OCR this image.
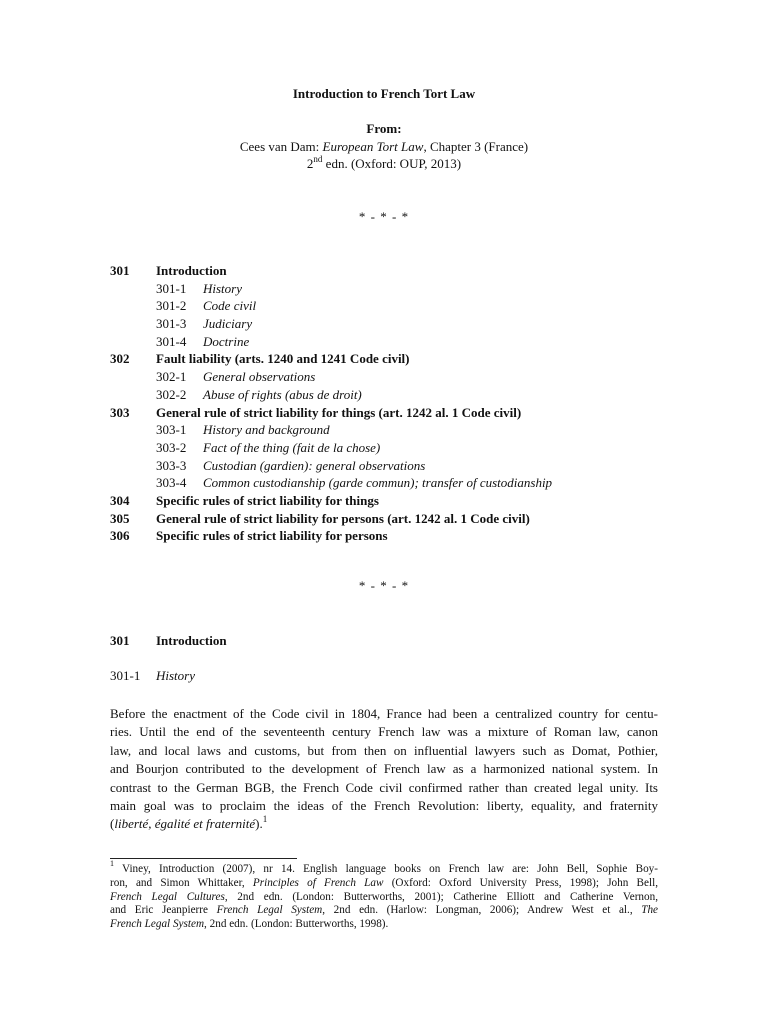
Introduction to French Tort Law
From:
Cees van Dam: European Tort Law, Chapter 3 (France)
2nd edn. (Oxford: OUP, 2013)
* - * - *
301 Introduction
301-1 History
301-2 Code civil
301-3 Judiciary
301-4 Doctrine
302 Fault liability (arts. 1240 and 1241 Code civil)
302-1 General observations
302-2 Abuse of rights (abus de droit)
303 General rule of strict liability for things (art. 1242 al. 1 Code civil)
303-1 History and background
303-2 Fact of the thing (fait de la chose)
303-3 Custodian (gardien): general observations
303-4 Common custodianship (garde commun); transfer of custodianship
304 Specific rules of strict liability for things
305 General rule of strict liability for persons (art. 1242 al. 1 Code civil)
306 Specific rules of strict liability for persons
* - * - *
301 Introduction
301-1 History
Before the enactment of the Code civil in 1804, France had been a centralized country for centu-
ries. Until the end of the seventeenth century French law was a mixture of Roman law, canon
law, and local laws and customs, but from then on influential lawyers such as Domat, Pothier,
and Bourjon contributed to the development of French law as a harmonized national system. In
contrast to the German BGB, the French Code civil confirmed rather than created legal unity. Its
main goal was to proclaim the ideas of the French Revolution: liberty, equality, and fraternity
(liberté, égalité et fraternité).$^1$
$^1$ Viney, Introduction (2007), nr 14. English language books on French law are: John Bell, Sophie Boy-
ron, and Simon Whittaker, Principles of French Law (Oxford: Oxford University Press, 1998); John Bell,
French Legal Cultures, 2nd edn. (London: Butterworths, 2001); Catherine Elliott and Catherine Vernon,
and Eric Jeanpierre French Legal System, 2nd edn. (Harlow: Longman, 2006); Andrew West et al., The
French Legal System, 2nd edn. (London: Butterworths, 1998).
